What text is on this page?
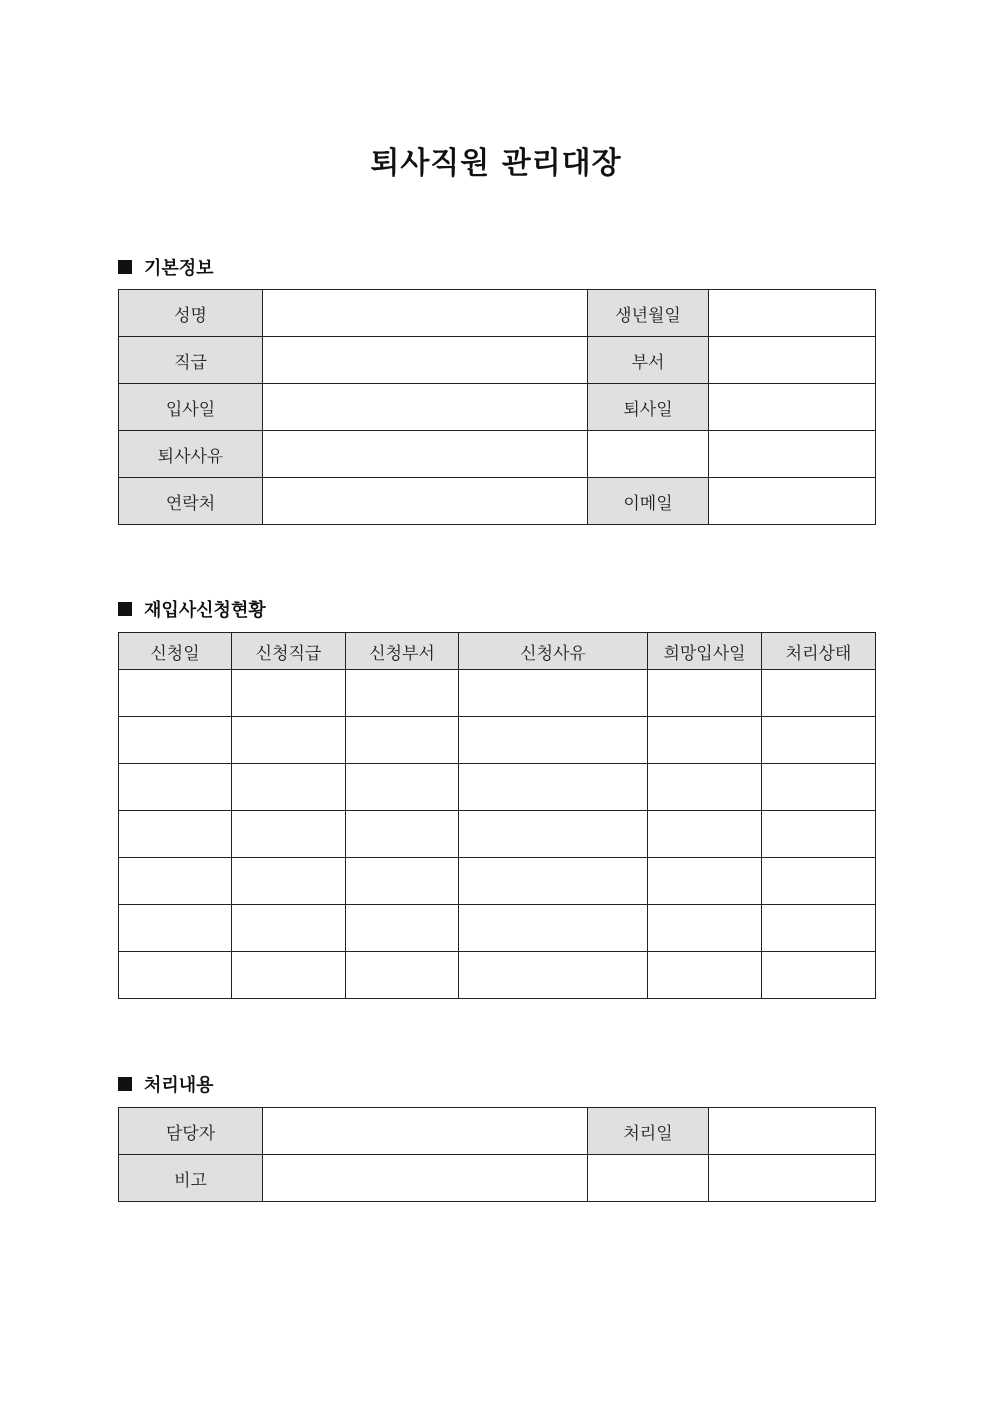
퇴사직원 관리대장
기본정보
성명		생년월일	
직급		부서	
입사일		퇴사일	
퇴사사유			
연락처		이메일	
재입사신청현황
신청일	신청직급	신청부서	신청사유	희망입사일	처리상태

처리내용
담당자		처리일	
비고			
